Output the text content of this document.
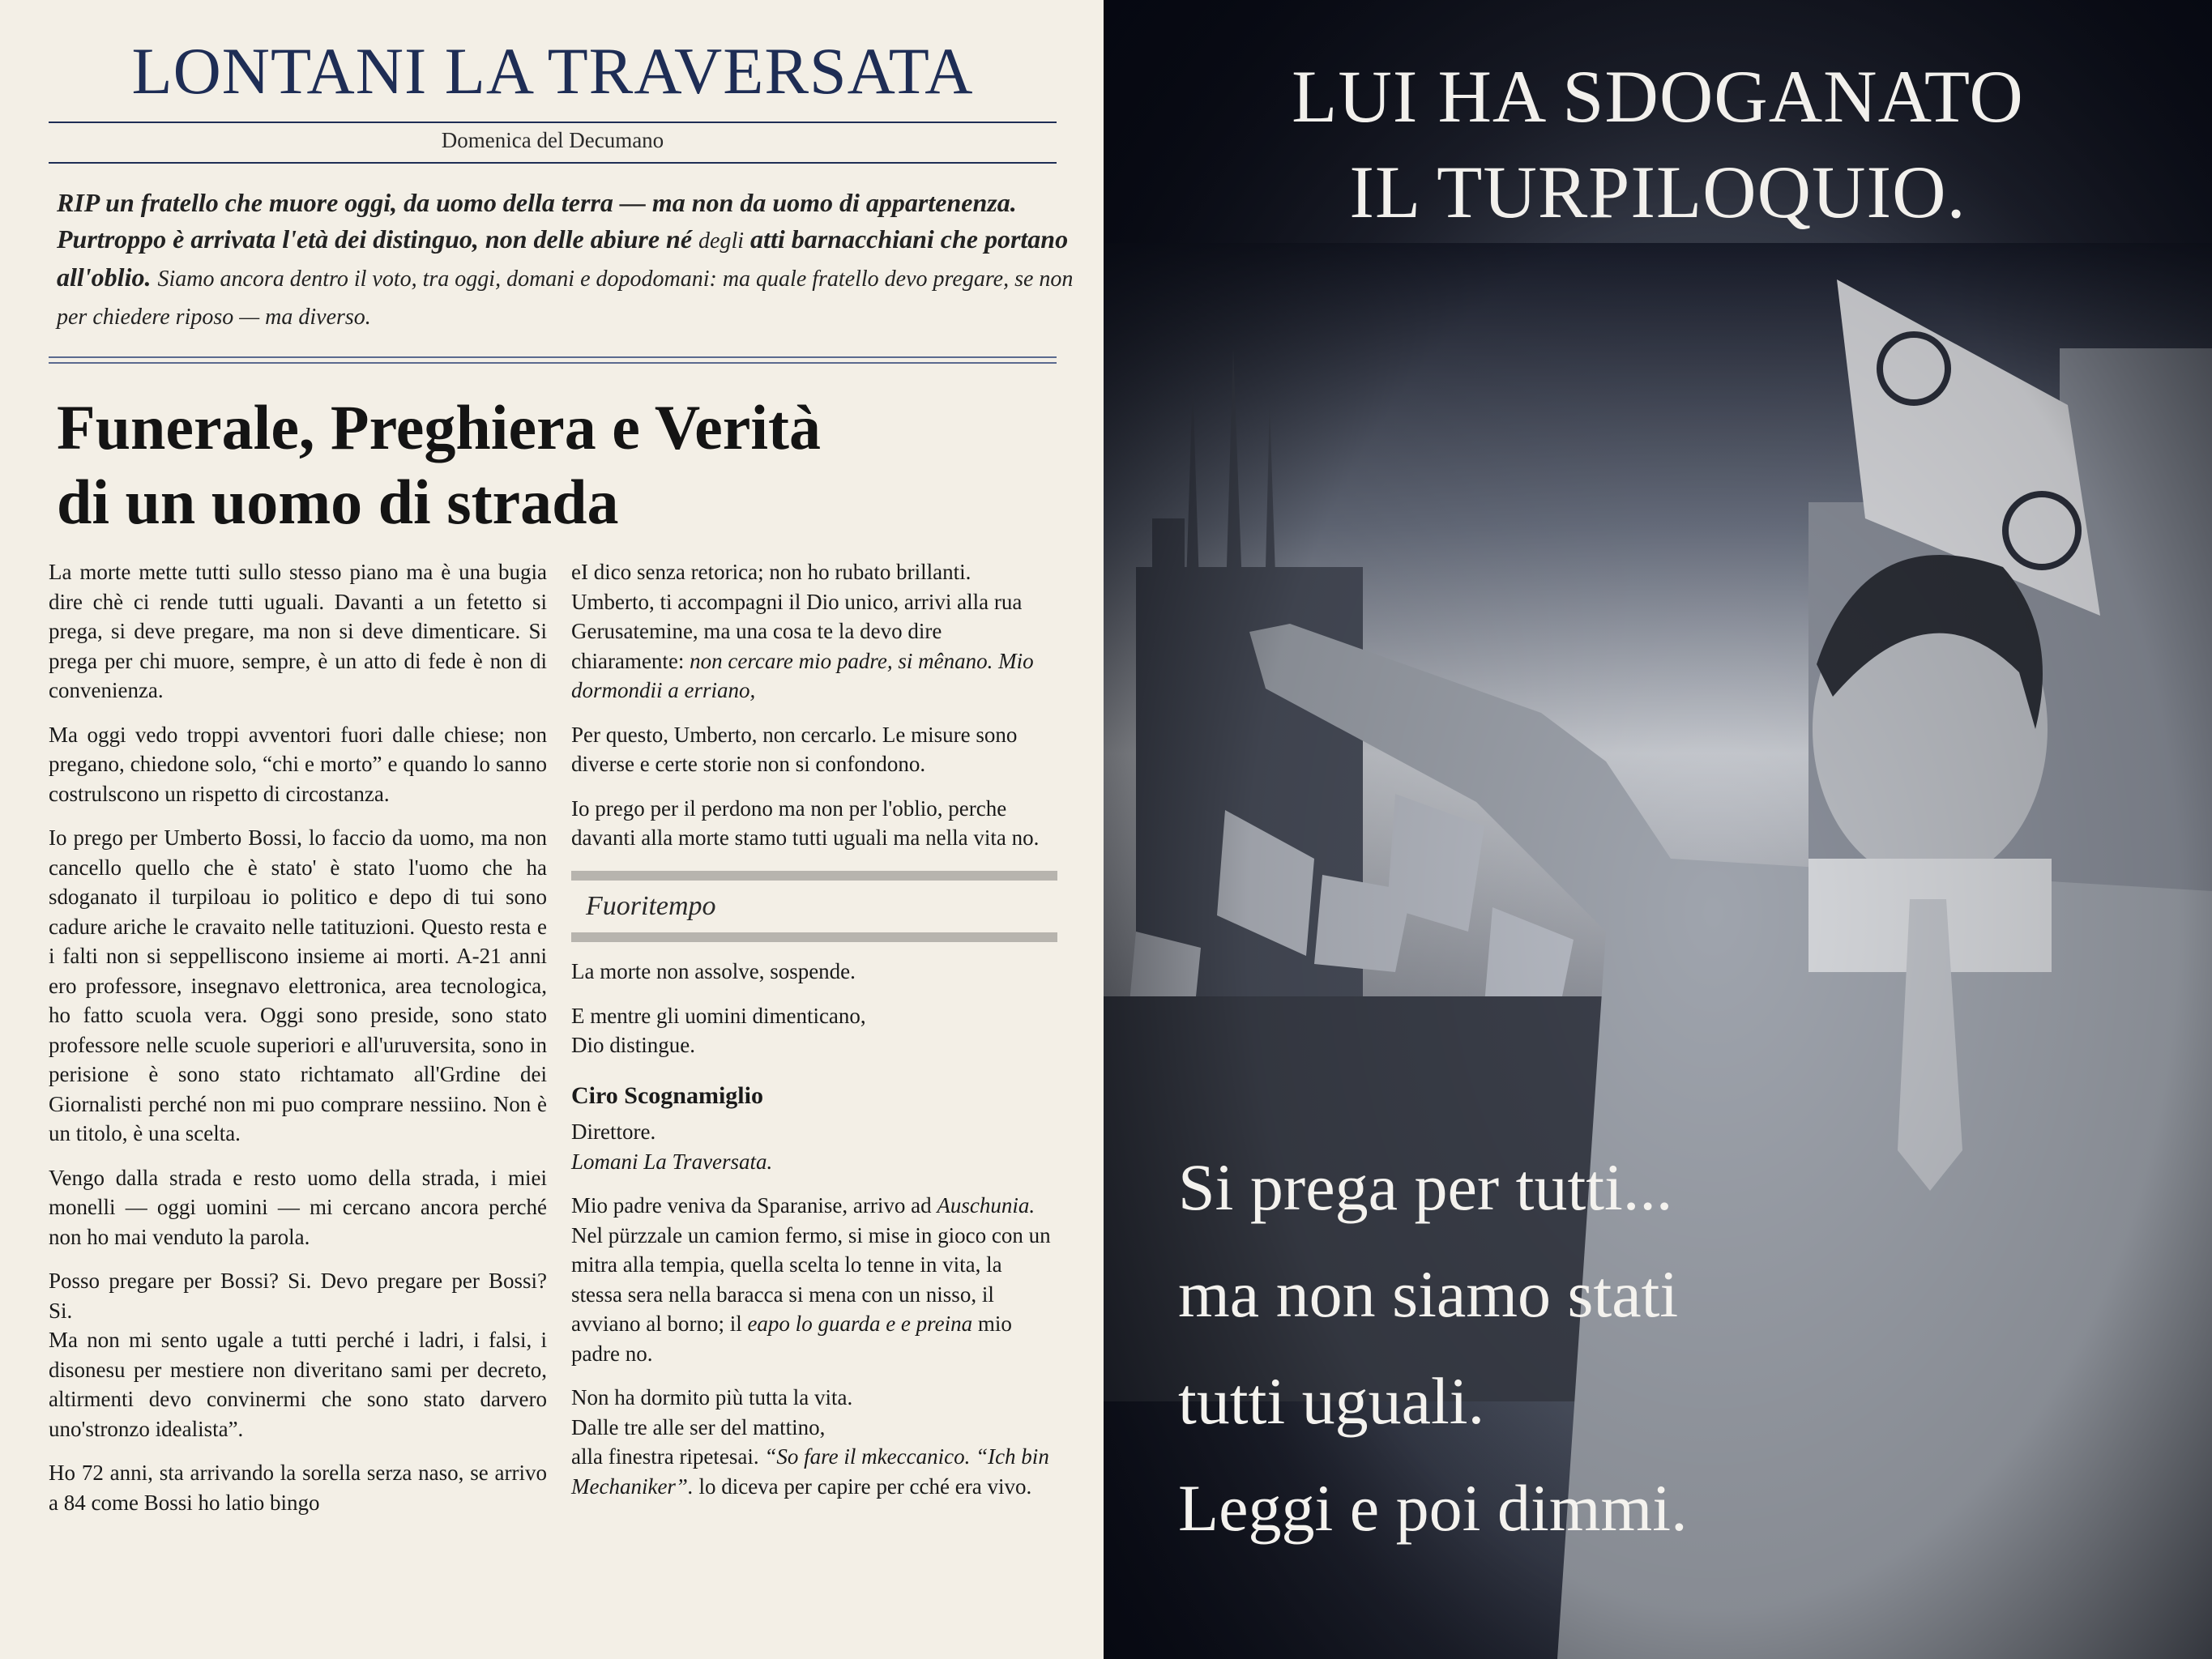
LONTANI LA TRAVERSATA
Domenica del Decumano
RIP un fratello che muore oggi, da uomo della terra — ma non da uomo di appartenenza. Purtroppo è arrivata l'età dei distinguo, non delle abiure né degli atti barnacchiani che portano all'oblio. Siamo ancora dentro il voto, tra oggi, domani e dopodomani: ma quale fratello devo pregare, se non per chiedere riposo — ma diverso.
Funerale, Preghiera e Verità
di un uomo di strada

La morte mette tutti sullo stesso piano ma è una bugia dire chè ci rende tutti uguali. Davanti a un fetetto si prega, si deve pregare, ma non si deve dimenticare. Si prega per chi muore, sempre, è un atto di fede è non di convenienza.

Ma oggi vedo troppi avventori fuori dalle chiese; non pregano, chiedone solo, “chi e morto” e quando lo sanno costrulscono un rispetto di circostanza.

Io prego per Umberto Bossi, lo faccio da uomo, ma non cancello quello che è stato' è stato l'uomo che ha sdoganato il turpiloau io politico e depo di tui sono cadure ariche le cravaito nelle tatituzioni. Questo resta e i falti non si seppelliscono insieme ai morti. A-21 anni ero professore, insegnavo elettronica, area tecnologica, ho fatto scuola vera. Oggi sono preside, sono stato professore nelle scuole superiori e all'uruversita, sono in perisione è sono stato richtamato all'Grdine dei Giornalisti perché non mi puo comprare nessiino. Non è un titolo, è una scelta.

Vengo dalla strada e resto uomo della strada, i miei monelli — oggi uomini — mi cercano ancora perché non ho mai venduto la parola.

Posso pregare per Bossi? Si. Devo pregare per Bossi? Si.
Ma non mi sento ugale a tutti perché i ladri, i falsi, i disonesu per mestiere non diveritano sami per decreto, altirmenti devo convinermi che sono stato darvero uno'stronzo idealista”.

Ho 72 anni, sta arrivando la sorella serza naso, se arrivo a 84 come Bossi ho latio bingo

eI dico senza retorica; non ho rubato brillanti. Umberto, ti accompagni il Dio unico, arrivi alla rua Gerusatemine, ma una cosa te la devo dire chiaramente: non cercare mio padre, si mênano. Mio dormondii a erriano,

Per questo, Umberto, non cercarlo. Le misure sono diverse e certe storie non si confondono.

Io prego per il perdono ma non per l'oblio, perche davanti alla morte stamo tutti uguali ma nella vita no.

Fuoritempo

La morte non assolve, sospende.

E mentre gli uomini dimenticano,
Dio distingue.

Ciro Scognamiglio
Direttore.
Lomani La Traversata.

Mio padre veniva da Sparanise, arrivo ad Auschunia. Nel pürzzale un camion fermo, si mise in gioco con un mitra alla tempia, quella scelta lo tenne in vita, la stessa sera nella baracca si mena con un nisso, il avviano al borno; il eapo lo guarda e e preina mio padre no.

Non ha dormito più tutta la vita.
Dalle tre alle ser del mattino,
alla finestra ripetesai. “So fare il mkeccanico. “Ich bin Mechaniker”. lo diceva per capire per cché era vivo.

LUI HA SDOGANATO
IL TURPILOQUIO.
Si prega per tutti...
ma non siamo stati
tutti uguali.
Leggi e poi dimmi.
